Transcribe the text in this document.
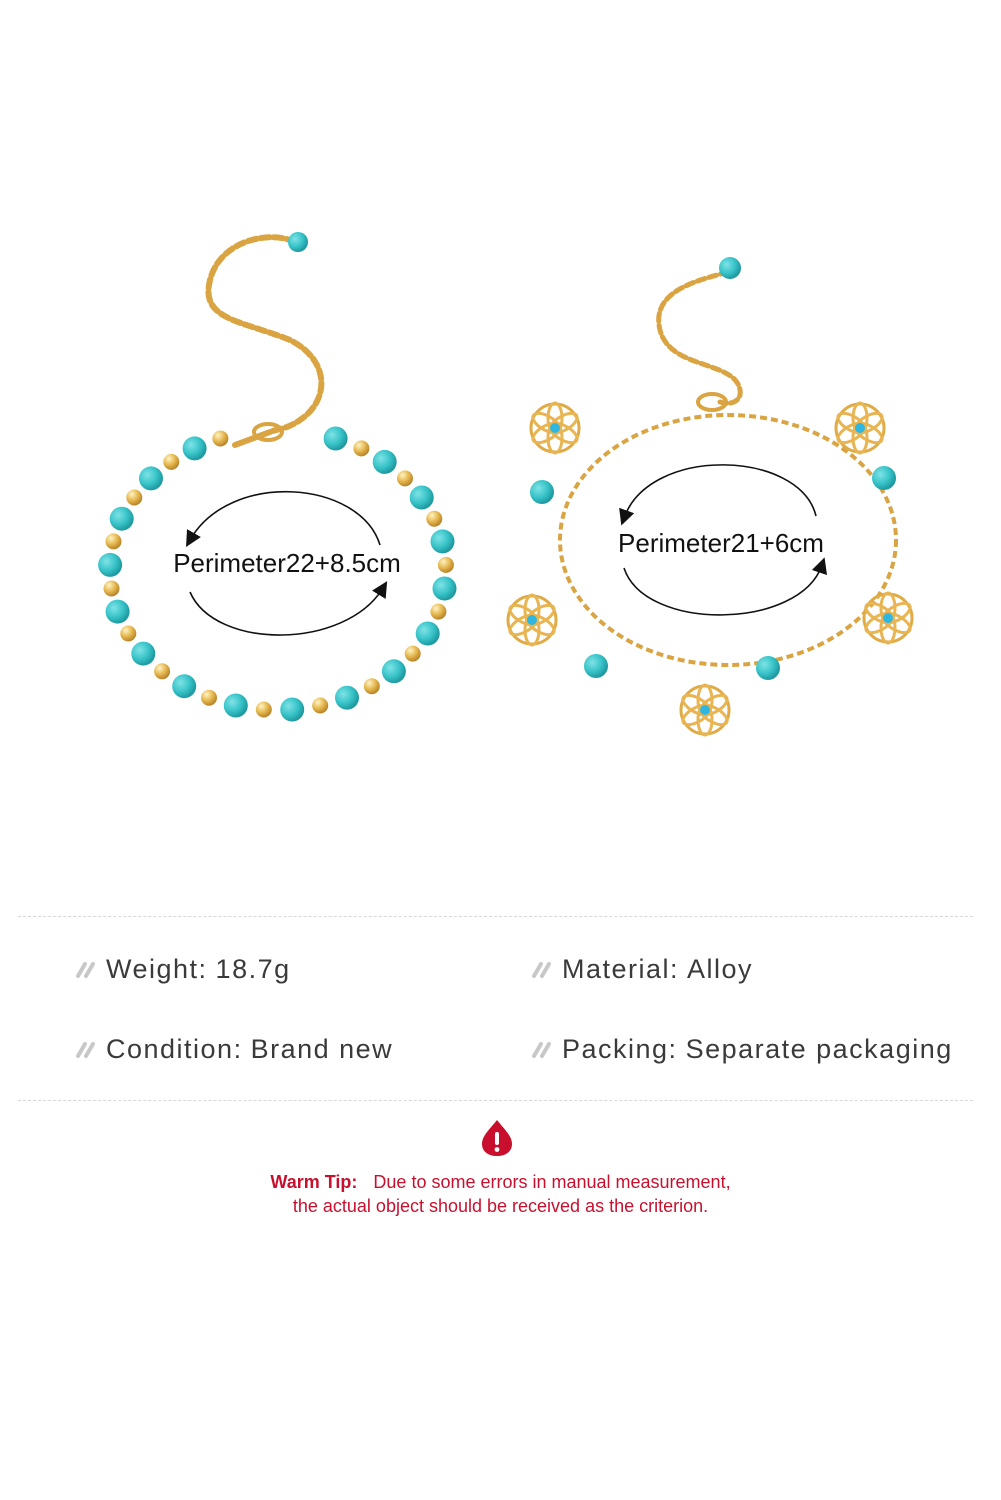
Perimeter22+8.5cm
Perimeter21+6cm
Weight: 18.7g	Material: Alloy
Condition: Brand new	Packing: Separate packaging
Warm Tip: Due to some errors in manual measurement,
the actual object should be received as the criterion.
